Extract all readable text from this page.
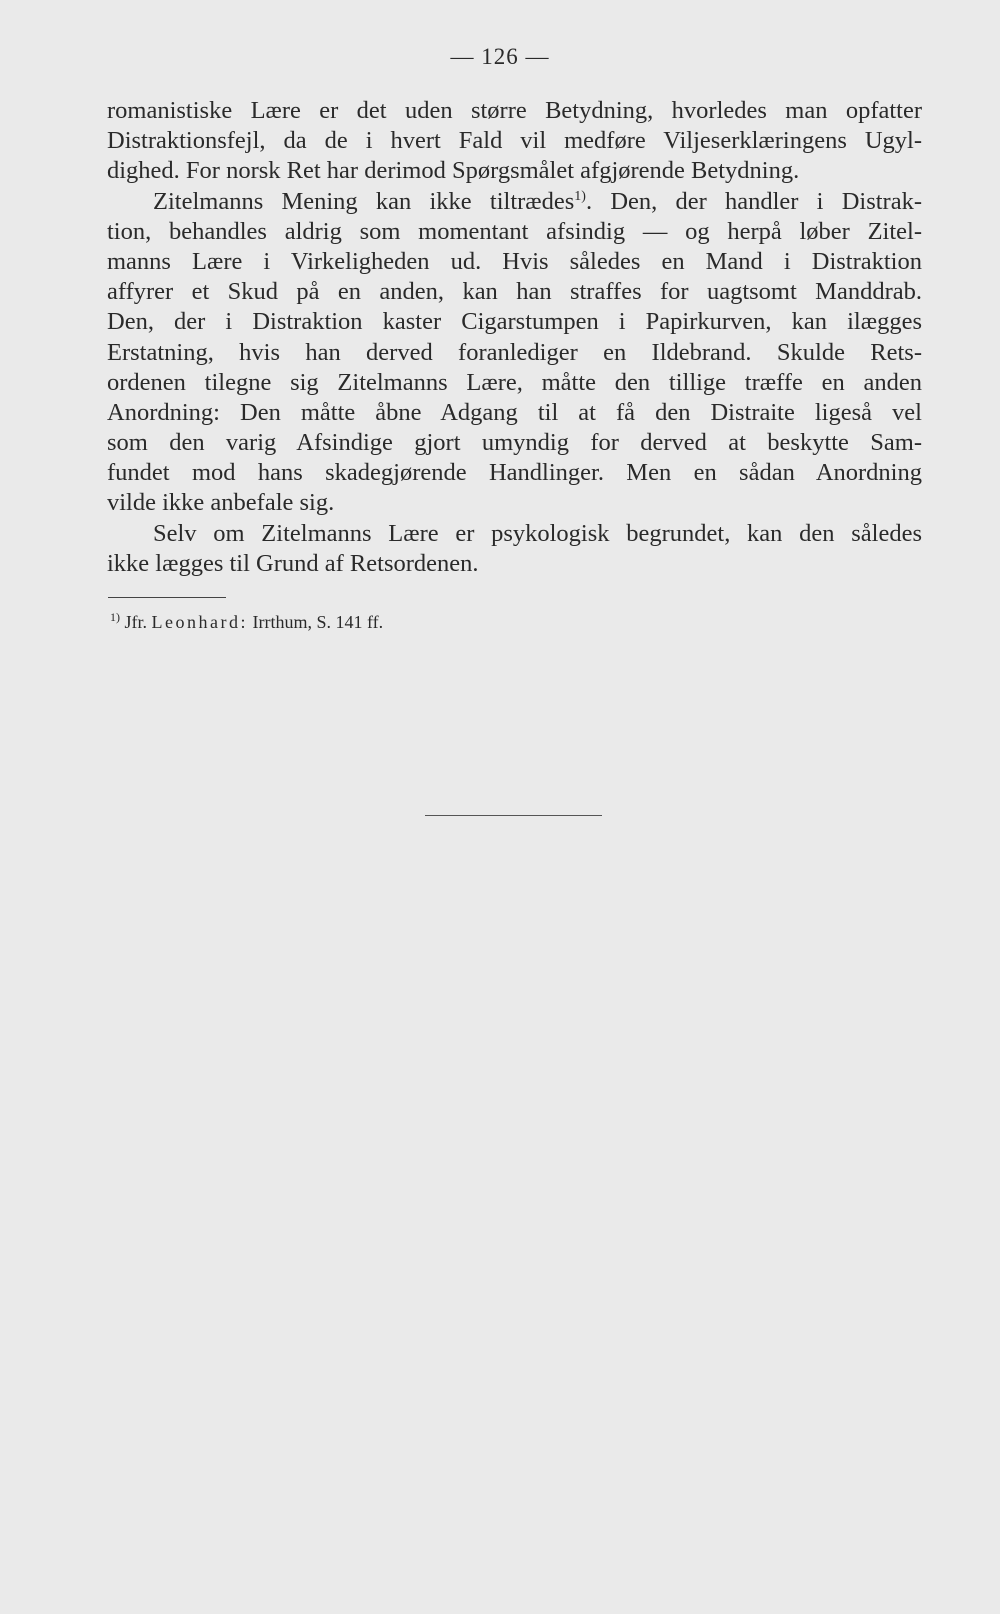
— 126 —
romanistiske Lære er det uden større Betydning, hvorledes man opfatter
Distraktionsfejl, da de i hvert Fald vil medføre Viljeserklæringens Ugyl-
dighed. For norsk Ret har derimod Spørgsmålet afgjørende Betydning.
Zitelmanns Mening kan ikke tiltrædes$^{1)}$. Den, der handler i Distrak-
tion, behandles aldrig som momentant afsindig — og herpå løber Zitel-
manns Lære i Virkeligheden ud. Hvis således en Mand i Distraktion
affyrer et Skud på en anden, kan han straffes for uagtsomt Manddrab.
Den, der i Distraktion kaster Cigarstumpen i Papirkurven, kan ilægges
Erstatning, hvis han derved foranlediger en Ildebrand. Skulde Rets-
ordenen tilegne sig Zitelmanns Lære, måtte den tillige træffe en anden
Anordning: Den måtte åbne Adgang til at få den Distraite ligeså vel
som den varig Afsindige gjort umyndig for derved at beskytte Sam-
fundet mod hans skadegjørende Handlinger. Men en sådan Anordning
vilde ikke anbefale sig.
Selv om Zitelmanns Lære er psykologisk begrundet, kan den således
ikke lægges til Grund af Retsordenen.
$^{1)}$ Jfr. Leonhard: Irrthum, S. 141 ff.
